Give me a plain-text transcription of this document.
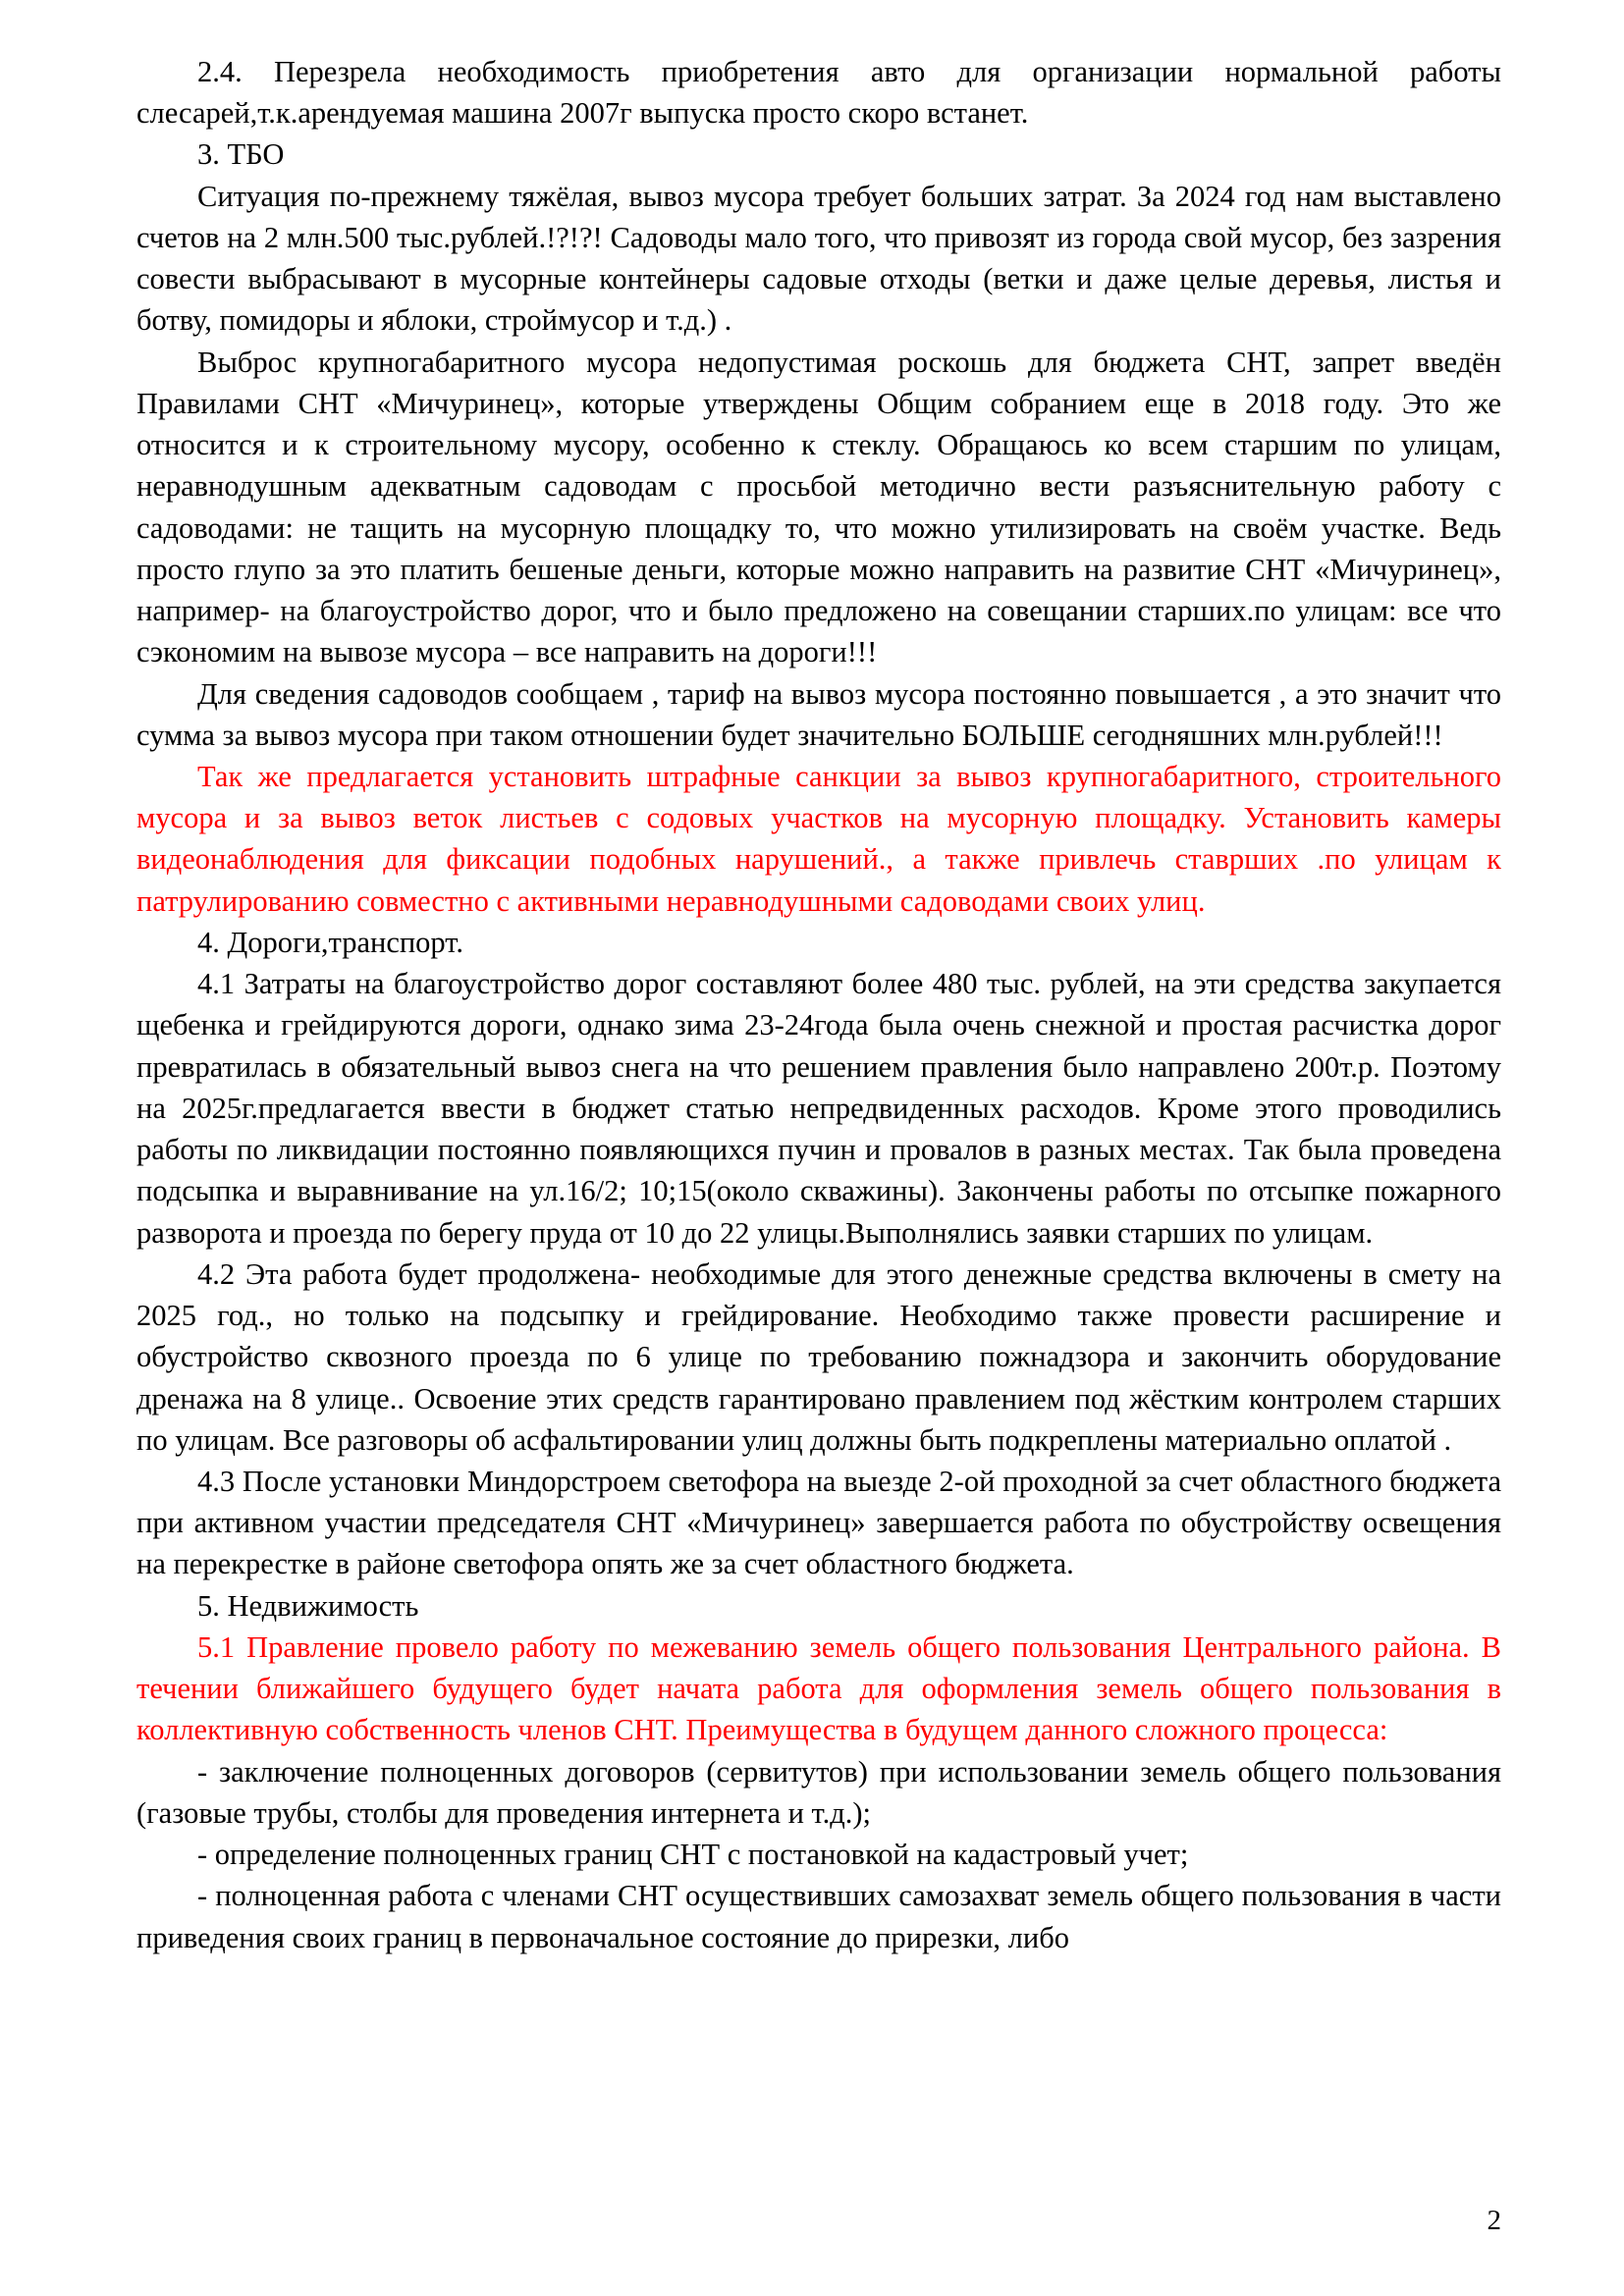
2.4. Перезрела необходимость приобретения авто для организации нормальной работы слесарей,т.к.арендуемая машина 2007г выпуска просто скоро встанет.

3. ТБО

Ситуация по-прежнему тяжёлая, вывоз мусора требует больших затрат. За 2024 год нам выставлено счетов на 2 млн.500 тыс.рублей.!?!?! Садоводы мало того, что привозят из города свой мусор, без зазрения совести выбрасывают в мусорные контейнеры садовые отходы (ветки и даже целые деревья, листья и ботву, помидоры и яблоки, строймусор и т.д.) .

Выброс крупногабаритного мусора недопустимая роскошь для бюджета СНТ, запрет введён Правилами СНТ «Мичуринец», которые утверждены Общим собранием еще в 2018 году. Это же относится и к строительному мусору, особенно к стеклу. Обращаюсь ко всем старшим по улицам, неравнодушным адекватным садоводам с просьбой методично вести разъяснительную работу с садоводами: не тащить на мусорную площадку то, что можно утилизировать на своём участке. Ведь просто глупо за это платить бешеные деньги, которые можно направить на развитие СНТ «Мичуринец», например- на благоустройство дорог, что и было предложено на совещании старших.по улицам: все что сэкономим на вывозе мусора – все направить на дороги!!!

Для сведения садоводов сообщаем , тариф на вывоз мусора постоянно повышается , а это значит что сумма за вывоз мусора при таком отношении будет значительно БОЛЬШЕ сегодняшних млн.рублей!!!

Так же предлагается установить штрафные санкции за вывоз крупногабаритного, строительного мусора и за вывоз веток листьев с содовых участков на мусорную площадку. Установить камеры видеонаблюдения для фиксации подобных нарушений., а также привлечь ставрших .по улицам к патрулированию совместно с активными неравнодушными садоводами своих улиц.

4. Дороги,транспорт.

4.1 Затраты на благоустройство дорог составляют более 480 тыс. рублей, на эти средства закупается щебенка и грейдируются дороги, однако зима 23-24года была очень снежной и простая расчистка дорог превратилась в обязательный вывоз снега на что решением правления было направлено 200т.р. Поэтому на 2025г.предлагается ввести в бюджет статью непредвиденных расходов. Кроме этого проводились работы по ликвидации постоянно появляющихся пучин и провалов в разных местах. Так была проведена подсыпка и выравнивание на ул.16/2; 10;15(около скважины). Закончены работы по отсыпке пожарного разворота и проезда по берегу пруда от 10 до 22 улицы.Выполнялись заявки старших по улицам.

4.2 Эта работа будет продолжена- необходимые для этого денежные средства включены в смету на 2025 год., но только на подсыпку и грейдирование. Необходимо также провести расширение и обустройство сквозного проезда по 6 улице по требованию пожнадзора и закончить оборудование дренажа на 8 улице.. Освоение этих средств гарантировано правлением под жёстким контролем старших по улицам. Все разговоры об асфальтировании улиц должны быть подкреплены материально оплатой .

4.3 После установки Миндорстроем светофора на выезде 2-ой проходной за счет областного бюджета при активном участии председателя СНТ «Мичуринец» завершается работа по обустройству освещения на перекрестке в районе светофора опять же за счет областного бюджета.

5. Недвижимость

5.1 Правление провело работу по межеванию земель общего пользования Центрального района. В течении ближайшего будущего будет начата работа для оформления земель общего пользования в коллективную собственность членов СНТ. Преимущества в будущем данного сложного процесса:

- заключение полноценных договоров (сервитутов) при использовании земель общего пользования (газовые трубы, столбы для проведения интернета и т.д.);

- определение полноценных границ СНТ с постановкой на кадастровый учет;

- полноценная работа с членами СНТ осуществивших самозахват земель общего пользования в части приведения своих границ в первоначальное состояние до прирезки, либо

2
